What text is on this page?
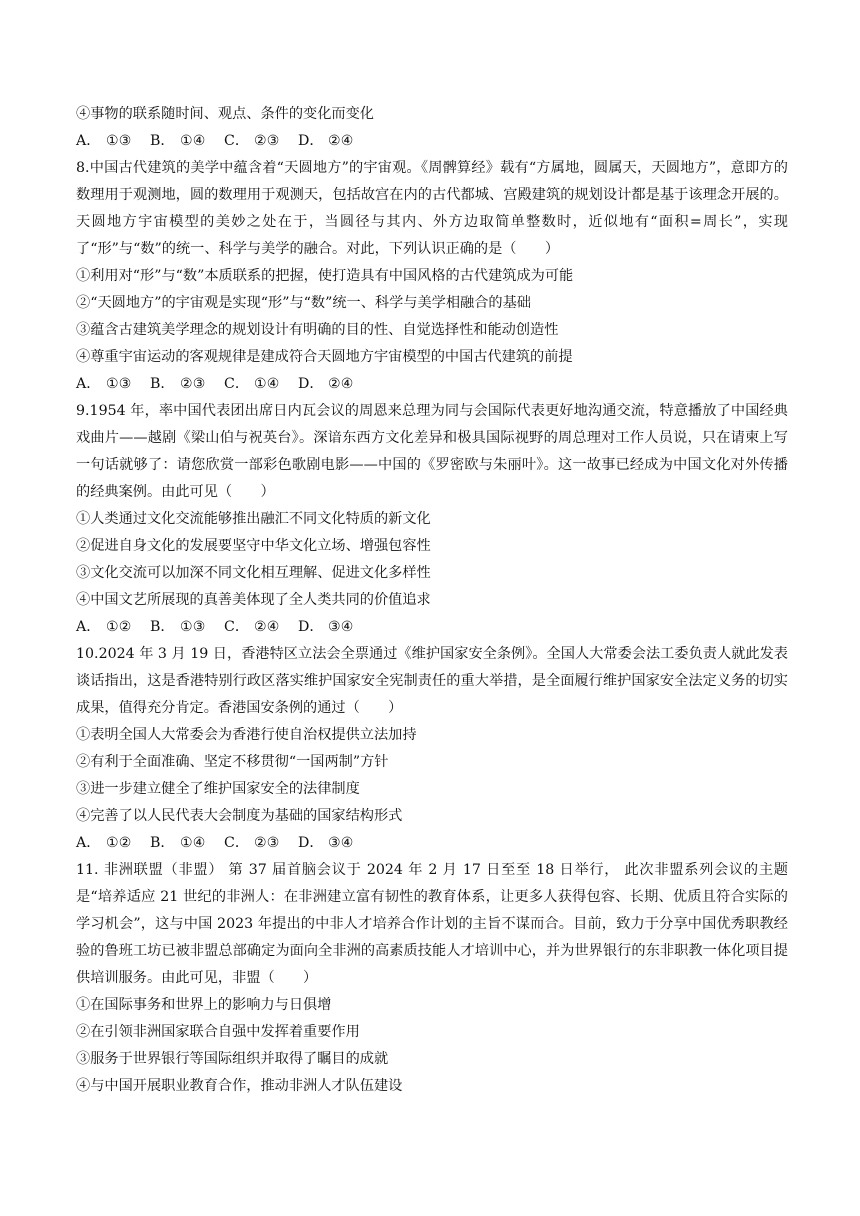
④事物的联系随时间、观点、条件的变化而变化
A． ①③	B． ①④	C． ②③	D． ②④
8.中国古代建筑的美学中蕴含着“天圆地方”的宇宙观。《周髀算经》载有“方属地，圆属天，天圆地方”，意即方的数理用于观测地，圆的数理用于观测天，包括故宫在内的古代都城、宫殿建筑的规划设计都是基于该理念开展的。天圆地方宇宙模型的美妙之处在于，当圆径与其内、外方边取简单整数时，近似地有“面积=周长”，实现了“形”与“数”的统一、科学与美学的融合。对此，下列认识正确的是（　　）
①利用对“形”与“数”本质联系的把握，使打造具有中国风格的古代建筑成为可能
②“天圆地方”的宇宙观是实现“形”与“数”统一、科学与美学相融合的基础
③蕴含古建筑美学理念的规划设计有明确的目的性、自觉选择性和能动创造性
④尊重宇宙运动的客观规律是建成符合天圆地方宇宙模型的中国古代建筑的前提
A． ①③	B． ②③	C． ①④	D． ②④
9.1954 年，率中国代表团出席日内瓦会议的周恩来总理为同与会国际代表更好地沟通交流，特意播放了中国经典戏曲片——越剧《梁山伯与祝英台》。深谙东西方文化差异和极具国际视野的周总理对工作人员说，只在请柬上写一句话就够了：请您欣赏一部彩色歌剧电影——中国的《罗密欧与朱丽叶》。这一故事已经成为中国文化对外传播的经典案例。由此可见（　　）
①人类通过文化交流能够推出融汇不同文化特质的新文化
②促进自身文化的发展要坚守中华文化立场、增强包容性
③文化交流可以加深不同文化相互理解、促进文化多样性
④中国文艺所展现的真善美体现了全人类共同的价值追求
A． ①②	B． ①③	C． ②④	D． ③④
10.2024 年 3 月 19 日，香港特区立法会全票通过《维护国家安全条例》。全国人大常委会法工委负责人就此发表谈话指出，这是香港特别行政区落实维护国家安全宪制责任的重大举措，是全面履行维护国家安全法定义务的切实成果，值得充分肯定。香港国安条例的通过（　　）
①表明全国人大常委会为香港行使自治权提供立法加持
②有利于全面准确、坚定不移贯彻“一国两制”方针
③进一步建立健全了维护国家安全的法律制度
④完善了以人民代表大会制度为基础的国家结构形式
A． ①②	B． ①④	C． ②③	D． ③④
11. 非洲联盟（非盟） 第 37 届首脑会议于 2024 年 2 月 17 日至至 18 日举行， 此次非盟系列会议的主题是“培养适应 21 世纪的非洲人：在非洲建立富有韧性的教育体系，让更多人获得包容、长期、优质且符合实际的学习机会”，这与中国 2023 年提出的中非人才培养合作计划的主旨不谋而合。目前，致力于分享中国优秀职教经验的鲁班工坊已被非盟总部确定为面向全非洲的高素质技能人才培训中心，并为世界银行的东非职教一体化项目提供培训服务。由此可见，非盟（　　）
①在国际事务和世界上的影响力与日俱增
②在引领非洲国家联合自强中发挥着重要作用
③服务于世界银行等国际组织并取得了瞩目的成就
④与中国开展职业教育合作，推动非洲人才队伍建设
